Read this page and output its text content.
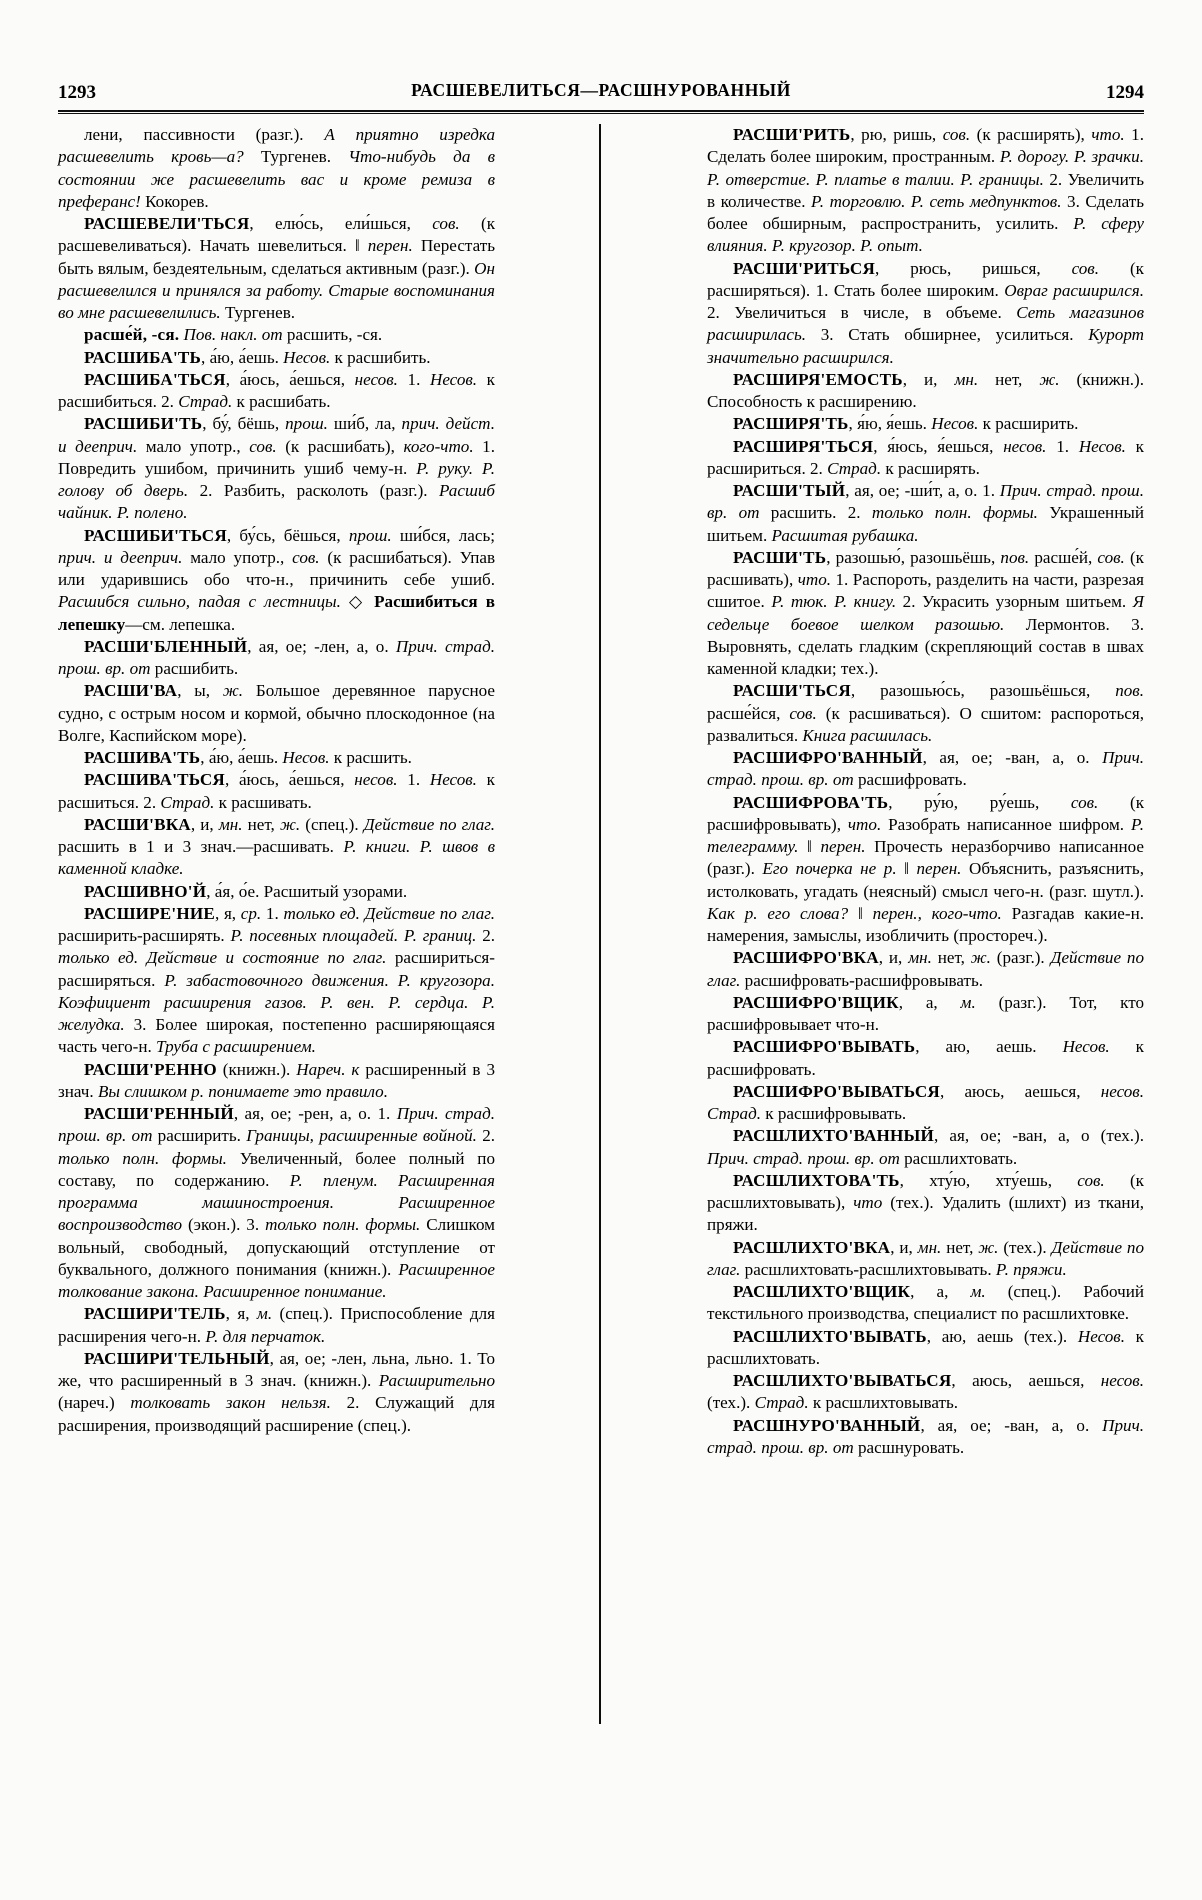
1293	РАСШЕВЕЛИТЬСЯ—РАСШНУРОВАННЫЙ	1294

лени, пассивности (разг.). А приятно изредка расшевелить кровь—а? Тургенев. Что-нибудь да в состоянии же расшевелить вас и кроме ремиза в преферанс! Кокорев.

РАСШЕВЕЛИ'ТЬСЯ, елю́сь, ели́шься, сов. (к расшевеливаться). Начать шевелиться. ‖ перен. Перестать быть вялым, бездеятельным, сделаться активным (разг.). Он расшевелился и принялся за работу. Старые воспоминания во мне расшевелились. Тургенев.

расше́й, -ся. Пов. накл. от расшить, -ся.

РАСШИБА'ТЬ, а́ю, а́ешь. Несов. к расшибить.

РАСШИБА'ТЬСЯ, а́юсь, а́ешься, несов. 1. Несов. к расшибиться. 2. Страд. к расшибать.

РАСШИБИ'ТЬ, бу́, бёшь, прош. ши́б, ла, прич. дейст. и дееприч. мало употр., сов. (к расшибать), кого-что. 1. Повредить ушибом, причинить ушиб чему-н. Р. руку. Р. голову об дверь. 2. Разбить, расколоть (разг.). Расшиб чайник. Р. полено.

РАСШИБИ'ТЬСЯ, бу́сь, бёшься, прош. ши́бся, лась; прич. и дееприч. мало употр., сов. (к расшибаться). Упав или ударившись обо что-н., причинить себе ушиб. Расшибся сильно, падая с лестницы. ◇ Расшибиться в лепешку—см. лепешка.

РАСШИ'БЛЕННЫЙ, ая, ое; -лен, а, о. Прич. страд. прош. вр. от расшибить.

РАСШИ'ВА, ы, ж. Большое деревянное парусное судно, с острым носом и кормой, обычно плоскодонное (на Волге, Каспийском море).

РАСШИВА'ТЬ, а́ю, а́ешь. Несов. к расшить.

РАСШИВА'ТЬСЯ, а́юсь, а́ешься, несов. 1. Несов. к расшиться. 2. Страд. к расшивать.

РАСШИ'ВКА, и, мн. нет, ж. (спец.). Действие по глаг. расшить в 1 и 3 знач.—расшивать. Р. книги. Р. швов в каменной кладке.

РАСШИВНО'Й, а́я, о́е. Расшитый узорами.

РАСШИРЕ'НИЕ, я, ср. 1. только ед. Действие по глаг. расширить-расширять. Р. посевных площадей. Р. границ. 2. только ед. Действие и состояние по глаг. расшириться-расширяться. Р. забастовочного движения. Р. кругозора. Коэфициент расширения газов. Р. вен. Р. сердца. Р. желудка. 3. Более широкая, постепенно расширяющаяся часть чего-н. Труба с расширением.

РАСШИ'РЕННО (книжн.). Нареч. к расширенный в 3 знач. Вы слишком р. понимаете это правило.

РАСШИ'РЕННЫЙ, ая, ое; -рен, а, о. 1. Прич. страд. прош. вр. от расширить. Границы, расширенные войной. 2. только полн. формы. Увеличенный, более полный по составу, по содержанию. Р. пленум. Расширенная программа машиностроения. Расширенное воспроизводство (экон.). 3. только полн. формы. Слишком вольный, свободный, допускающий отступление от буквального, должного понимания (книжн.). Расширенное толкование закона. Расширенное понимание.

РАСШИРИ'ТЕЛЬ, я, м. (спец.). Приспособление для расширения чего-н. Р. для перчаток.

РАСШИРИ'ТЕЛЬНЫЙ, ая, ое; -лен, льна, льно. 1. То же, что расширенный в 3 знач. (книжн.). Расширительно (нареч.) толковать закон нельзя. 2. Служащий для расширения, производящий расширение (спец.).

РАСШИ'РИТЬ, рю, ришь, сов. (к расширять), что. 1. Сделать более широким, пространным. Р. дорогу. Р. зрачки. Р. отверстие. Р. платье в талии. Р. границы. 2. Увеличить в количестве. Р. торговлю. Р. сеть медпунктов. 3. Сделать более обширным, распространить, усилить. Р. сферу влияния. Р. кругозор. Р. опыт.

РАСШИ'РИТЬСЯ, рюсь, ришься, сов. (к расширяться). 1. Стать более широким. Овраг расширился. 2. Увеличиться в числе, в объеме. Сеть магазинов расширилась. 3. Стать обширнее, усилиться. Курорт значительно расширился.

РАСШИРЯ'ЕМОСТЬ, и, мн. нет, ж. (книжн.). Способность к расширению.

РАСШИРЯ'ТЬ, я́ю, я́ешь. Несов. к расширить.

РАСШИРЯ'ТЬСЯ, я́юсь, я́ешься, несов. 1. Несов. к расшириться. 2. Страд. к расширять.

РАСШИ'ТЫЙ, ая, ое; -ши́т, а, о. 1. Прич. страд. прош. вр. от расшить. 2. только полн. формы. Украшенный шитьем. Расшитая рубашка.

РАСШИ'ТЬ, разошью́, разошьёшь, пов. расше́й, сов. (к расшивать), что. 1. Распороть, разделить на части, разрезая сшитое. Р. тюк. Р. книгу. 2. Украсить узорным шитьем. Я седельце боевое шелком разошью. Лермонтов. 3. Выровнять, сделать гладким (скрепляющий состав в швах каменной кладки; тех.).

РАСШИ'ТЬСЯ, разошью́сь, разошьёшься, пов. расше́йся, сов. (к расшиваться). О сшитом: распороться, развалиться. Книга расшилась.

РАСШИФРО'ВАННЫЙ, ая, ое; -ван, а, о. Прич. страд. прош. вр. от расшифровать.

РАСШИФРОВА'ТЬ, ру́ю, ру́ешь, сов. (к расшифровывать), что. Разобрать написанное шифром. Р. телеграмму. ‖ перен. Прочесть неразборчиво написанное (разг.). Его почерка не р. ‖ перен. Объяснить, разъяснить, истолковать, угадать (неясный) смысл чего-н. (разг. шутл.). Как р. его слова? ‖ перен., кого-что. Разгадав какие-н. намерения, замыслы, изобличить (простореч.).

РАСШИФРО'ВКА, и, мн. нет, ж. (разг.). Действие по глаг. расшифровать-расшифровывать.

РАСШИФРО'ВЩИК, а, м. (разг.). Тот, кто расшифровывает что-н.

РАСШИФРО'ВЫВАТЬ, аю, аешь. Несов. к расшифровать.

РАСШИФРО'ВЫВАТЬСЯ, аюсь, аешься, несов. Страд. к расшифровывать.

РАСШЛИХТО'ВАННЫЙ, ая, ое; -ван, а, о (тех.). Прич. страд. прош. вр. от расшлихтовать.

РАСШЛИХТОВА'ТЬ, хту́ю, хту́ешь, сов. (к расшлихтовывать), что (тех.). Удалить (шлихт) из ткани, пряжи.

РАСШЛИХТО'ВКА, и, мн. нет, ж. (тех.). Действие по глаг. расшлихтовать-расшлихтовывать. Р. пряжи.

РАСШЛИХТО'ВЩИК, а, м. (спец.). Рабочий текстильного производства, специалист по расшлихтовке.

РАСШЛИХТО'ВЫВАТЬ, аю, аешь (тех.). Несов. к расшлихтовать.

РАСШЛИХТО'ВЫВАТЬСЯ, аюсь, аешься, несов. (тех.). Страд. к расшлихтовывать.

РАСШНУРО'ВАННЫЙ, ая, ое; -ван, а, о. Прич. страд. прош. вр. от расшнуровать.
